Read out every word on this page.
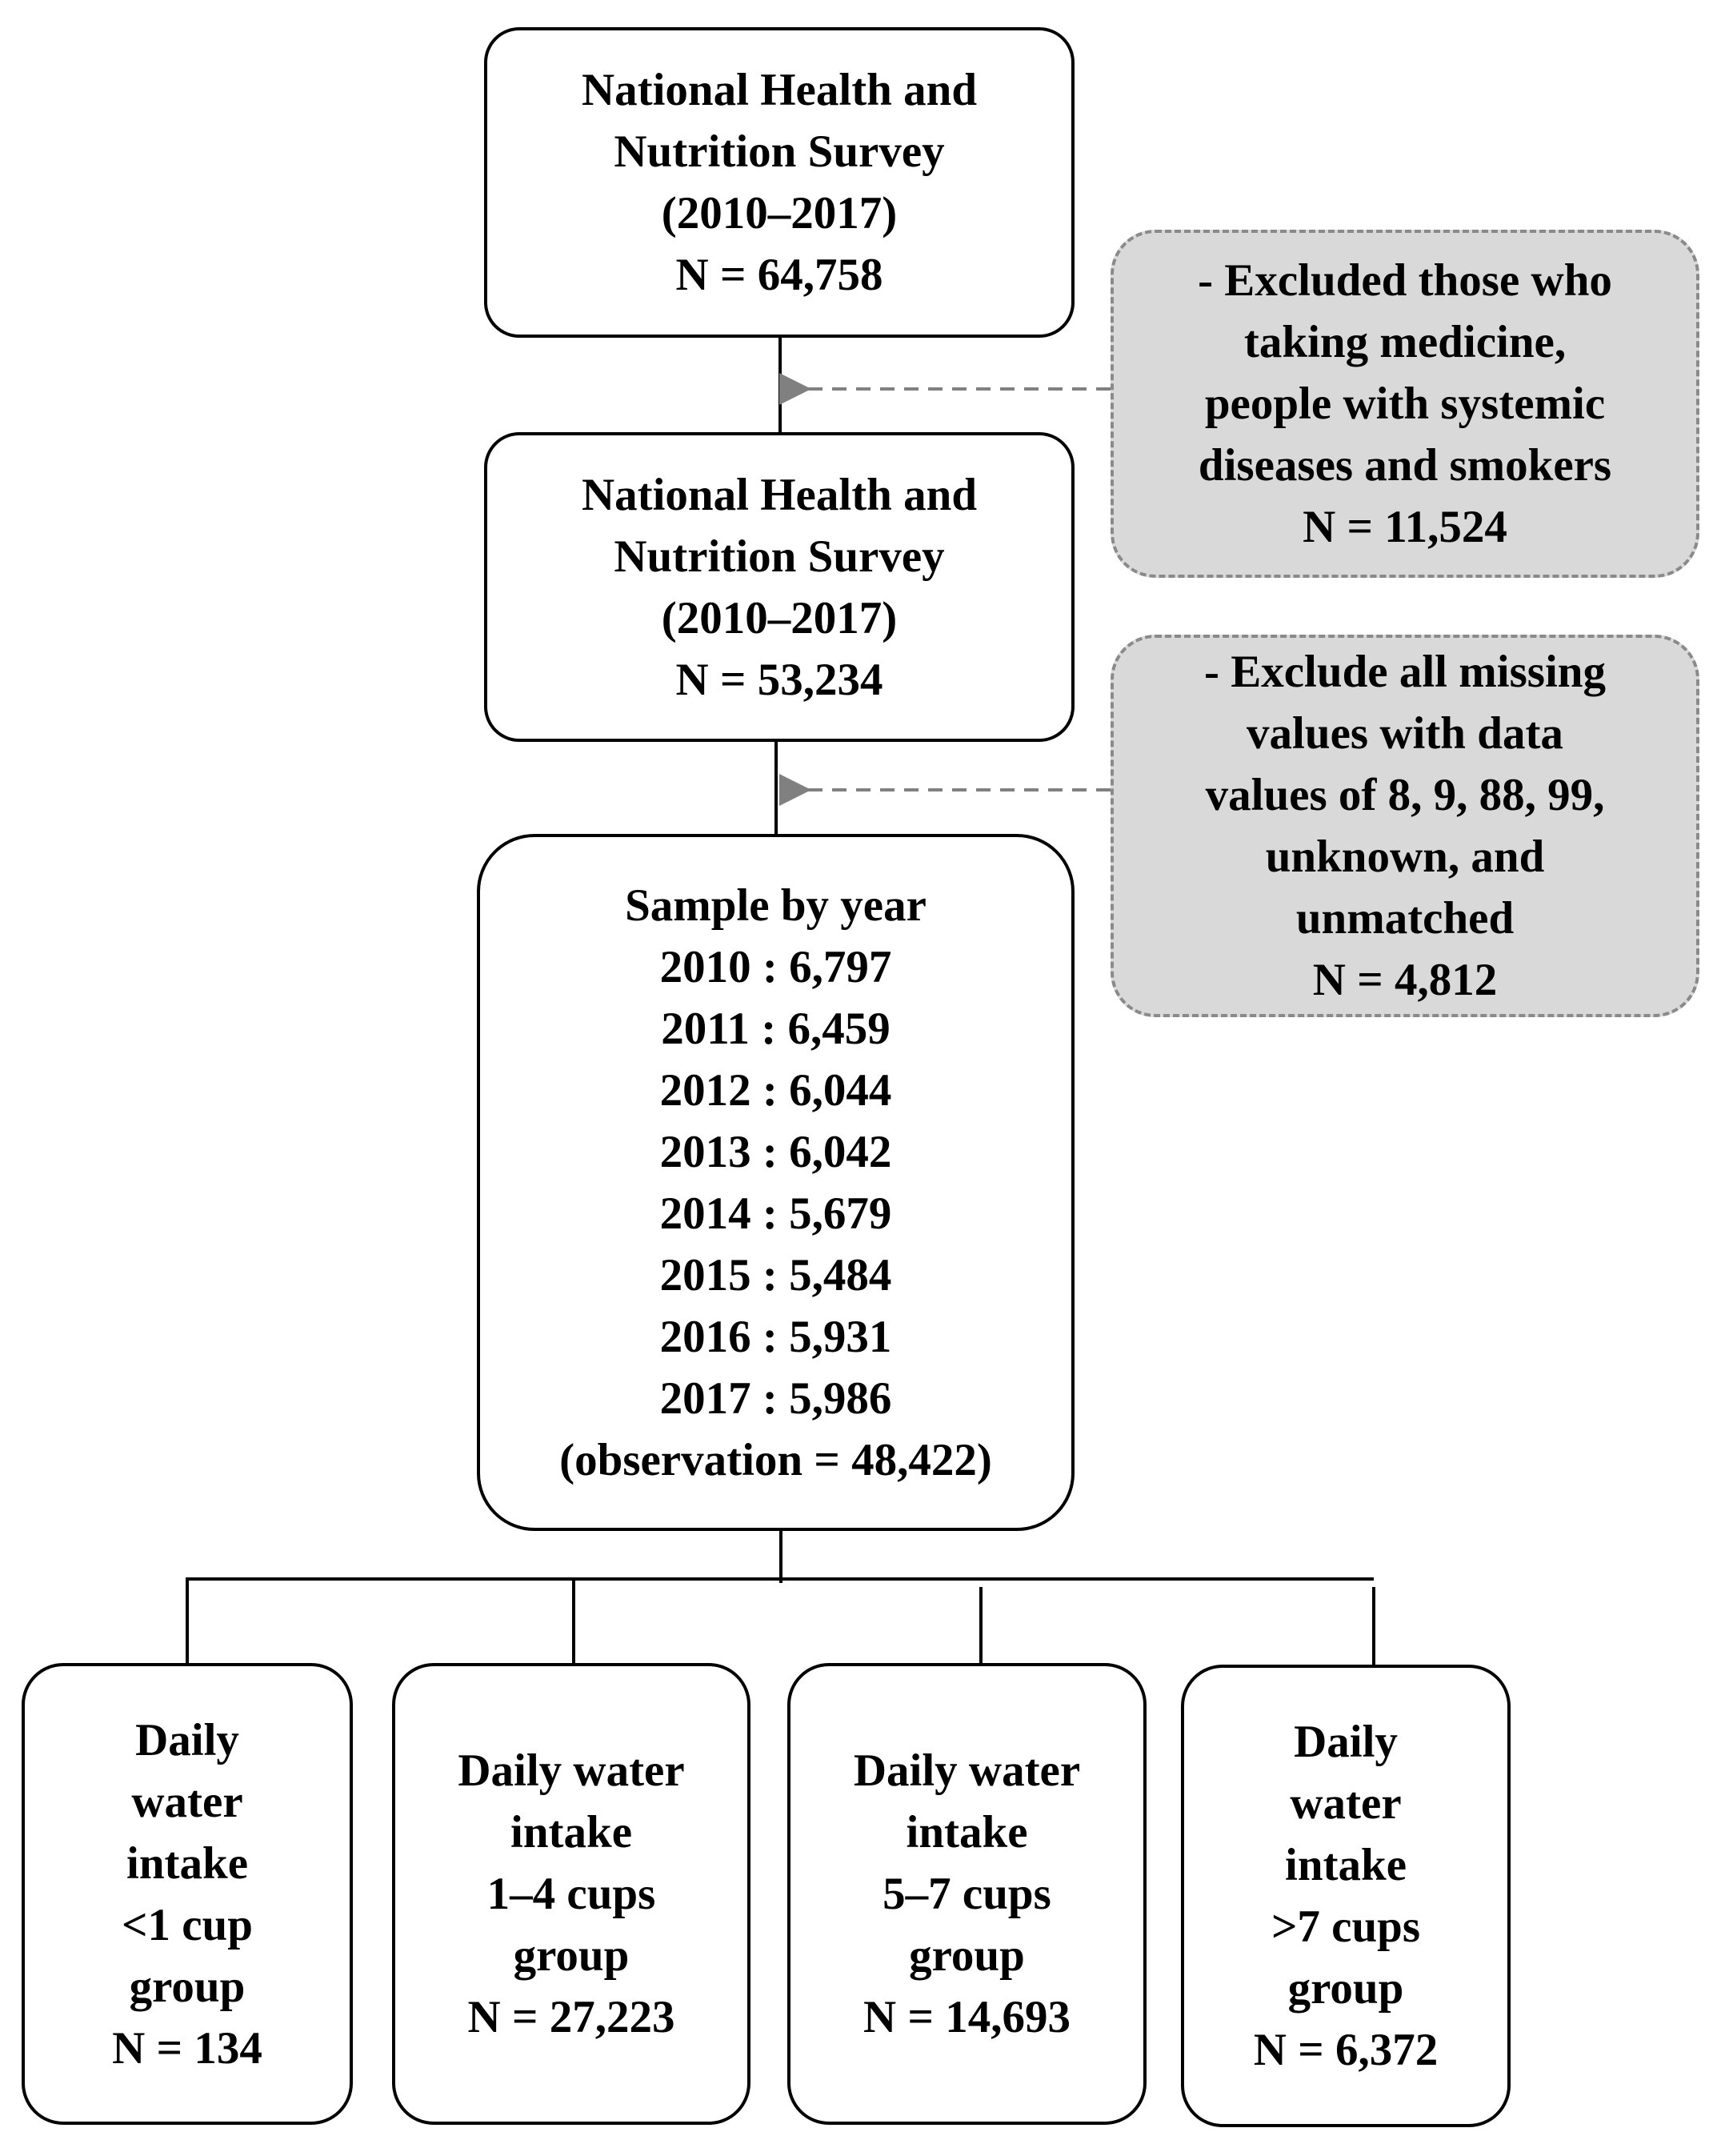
National Health and
Nutrition Survey
(2010–2017)
N = 64,758	- Excluded those who
taking medicine,
people with systemic
diseases and smokers
N = 11,524
National Health and
Nutrition Survey
(2010–2017)
N = 53,234	- Exclude all missing
values with data
values of 8, 9, 88, 99,
unknown, and
unmatched
N = 4,812
Sample by year
2010 : 6,797
2011 : 6,459
2012 : 6,044
2013 : 6,042
2014 : 5,679
2015 : 5,484
2016 : 5,931
2017 : 5,986
(observation = 48,422)
Daily
water
intake
<1 cup
group
N = 134
Daily water
intake
1–4 cups
group
N = 27,223
Daily water
intake
5–7 cups
group
N = 14,693
Daily
water
intake
>7 cups
group
N = 6,372
